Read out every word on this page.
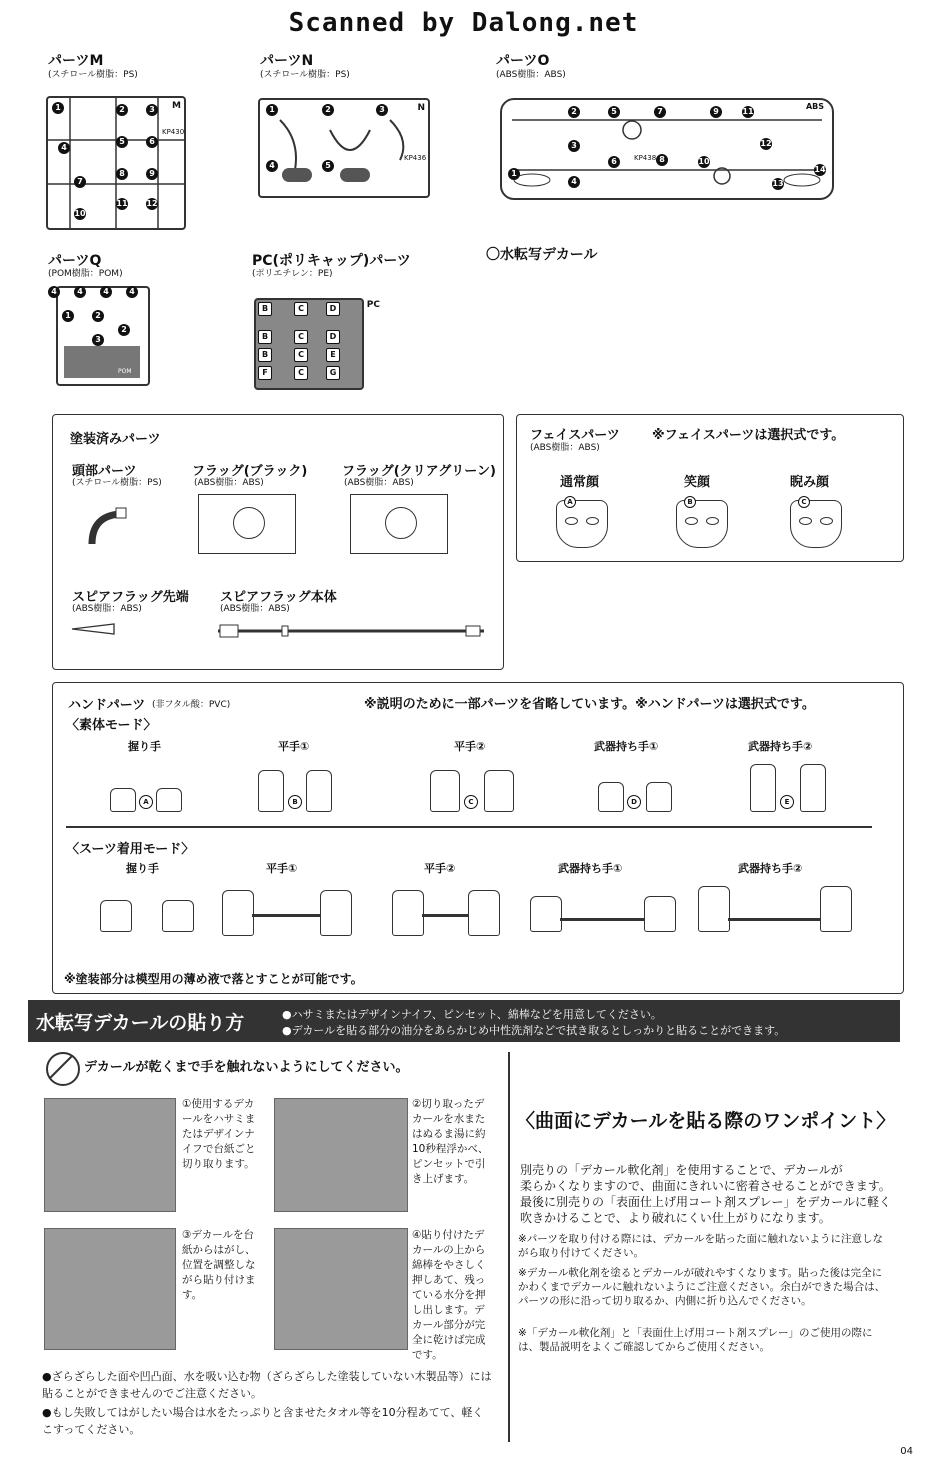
Scanned by Dalong.net
パーツM
(スチロール樹脂：PS)
M
KP430
2	3
4
5	6
7
8	9
10
11 12
1
パーツN
(スチロール樹脂：PS)
N
KP436
1	2	3
4	5
パーツO
(ABS樹脂：ABS)
ABS
KP438
1
2
3
4
5
6
7
8
9
10
11
12
13
14
パーツQ
(POM樹脂：POM)
POM
1	2
2
3
4	4	4	4
PC(ポリキャップ)パーツ
(ポリエチレン：PE)
PC
B	C	D
B	C	D
B	C	E
F	C	G
〇水転写デカール
塗装済みパーツ
頭部パーツ
(スチロール樹脂：PS)
フラッグ(ブラック)
(ABS樹脂：ABS)
フラッグ(クリアグリーン)
(ABS樹脂：ABS)
スピアフラッグ先端
(ABS樹脂：ABS)
スピアフラッグ本体
(ABS樹脂：ABS)
フェイスパーツ
(ABS樹脂：ABS)
※フェイスパーツは選択式です。
通常顔
A
笑顔
B
睨み顔
C
ハンドパーツ (非フタル酸：PVC)	※説明のために一部パーツを省略しています。※ハンドパーツは選択式です。
〈素体モード〉
握り手
A
平手①
B
平手②
C
武器持ち手①
D
武器持ち手②
E
〈スーツ着用モード〉
握り手	平手①	平手②	武器持ち手①	武器持ち手②
※塗装部分は模型用の薄め液で落とすことが可能です。
水転写デカールの貼り方	●ハサミまたはデザインナイフ、ピンセット、綿棒などを用意してください。
●デカールを貼る部分の油分をあらかじめ中性洗剤などで拭き取るとしっかりと貼ることができます。
デカールが乾くまで手を触れないようにしてください。
①使用するデカールをハサミまたはデザインナイフで台紙ごと切り取ります。
②切り取ったデカールを水またはぬるま湯に約10秒程浮かべ、ピンセットで引き上げます。
③デカールを台紙からはがし、位置を調整しながら貼り付けます。
④貼り付けたデカールの上から綿棒をやさしく押しあて、残っている水分を押し出します。デカール部分が完全に乾けば完成です。
●ざらざらした面や凹凸面、水を吸い込む物（ざらざらした塗装していない木製品等）には貼ることができませんのでご注意ください。
●もし失敗してはがしたい場合は水をたっぷりと含ませたタオル等を10分程あてて、軽くこすってください。
〈曲面にデカールを貼る際のワンポイント〉
別売りの「デカール軟化剤」を使用することで、デカールが
柔らかくなりますので、曲面にきれいに密着させることができます。
最後に別売りの「表面仕上げ用コート剤スプレー」をデカールに軽く
吹きかけることで、より破れにくい仕上がりになります。
※パーツを取り付ける際には、デカールを貼った面に触れないように注意しながら取り付けてください。
※デカール軟化剤を塗るとデカールが破れやすくなります。貼った後は完全にかわくまでデカールに触れないようにご注意ください。余白ができた場合は、パーツの形に沿って切り取るか、内側に折り込んでください。
※「デカール軟化剤」と「表面仕上げ用コート剤スプレー」のご使用の際には、製品説明をよくご確認してからご使用ください。
04
